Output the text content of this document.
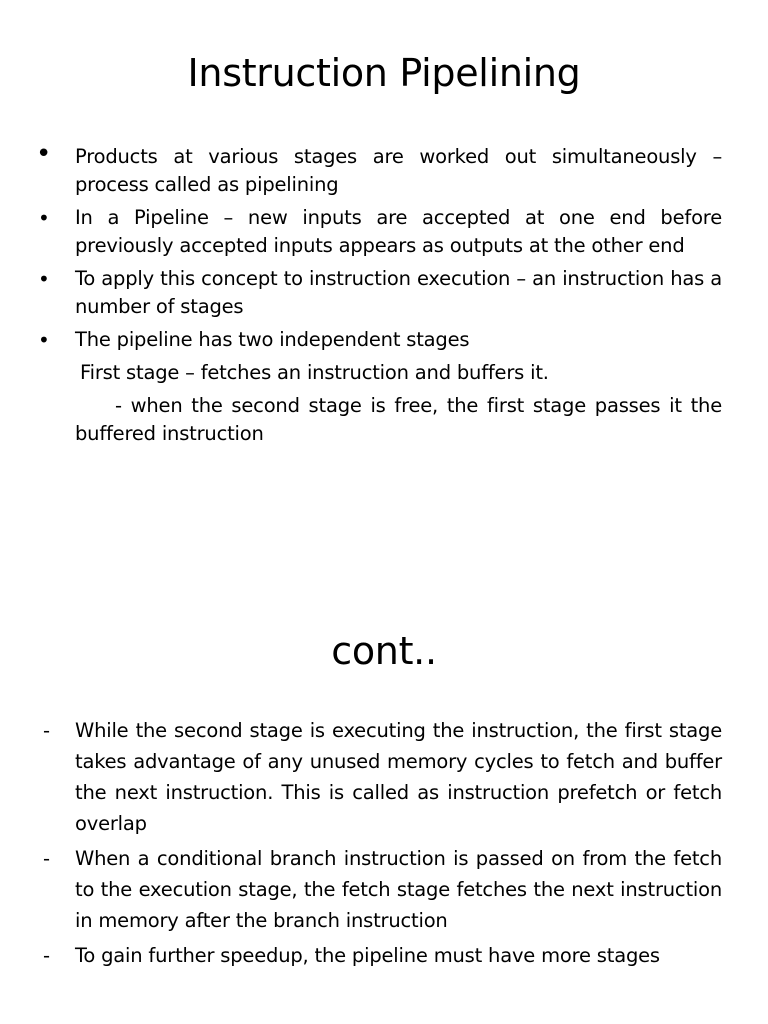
Instruction Pipelining
• Products at various stages are worked out simultaneously – process called as pipelining
• In a Pipeline – new inputs are accepted at one end before previously accepted inputs appears as outputs at the other end
• To apply this concept to instruction execution – an instruction has a number of stages
• The pipeline has two independent stages
First stage – fetches an instruction and buffers it.
- when the second stage is free, the first stage passes it the buffered instruction
cont..
- While the second stage is executing the instruction, the first stage takes advantage of any unused memory cycles to fetch and buffer the next instruction. This is called as instruction prefetch or fetch overlap
- When a conditional branch instruction is passed on from the fetch to the execution stage, the fetch stage fetches the next instruction in memory after the branch instruction
- To gain further speedup, the pipeline must have more stages
